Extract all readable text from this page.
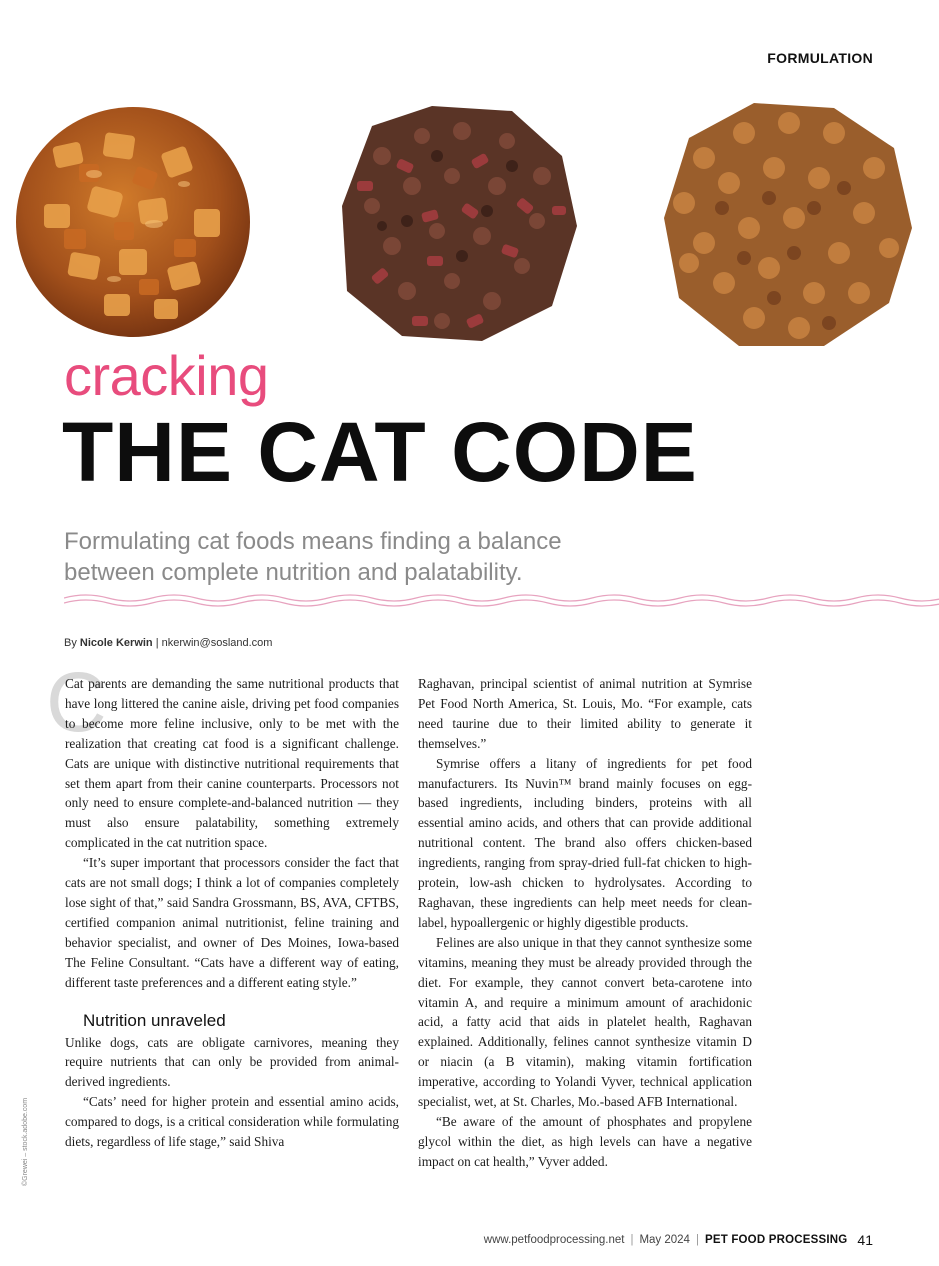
FORMULATION
cracking
THE CAT CODE
Formulating cat foods means finding a balance between complete nutrition and palatability.
By Nicole Kerwin | nkerwin@sosland.com
C

Cat parents are demanding the same nutritional products that have long littered the canine aisle, driving pet food companies to become more feline inclusive, only to be met with the realization that creating cat food is a significant challenge. Cats are unique with distinctive nutritional requirements that set them apart from their canine counterparts. Processors not only need to ensure complete-and-balanced nutrition — they must also ensure palatability, something extremely complicated in the cat nutrition space.

“It’s super important that processors consider the fact that cats are not small dogs; I think a lot of companies completely lose sight of that,” said Sandra Grossmann, BS, AVA, CFTBS, certified companion animal nutritionist, feline training and behavior specialist, and owner of Des Moines, Iowa-based The Feline Consultant. “Cats have a different way of eating, different taste preferences and a different eating style.”

Nutrition unraveled

Unlike dogs, cats are obligate carnivores, meaning they require nutrients that can only be provided from animal-derived ingredients.

“Cats’ need for higher protein and essential amino acids, compared to dogs, is a critical consideration while formulating diets, regardless of life stage,” said Shiva

Raghavan, principal scientist of animal nutrition at Symrise Pet Food North America, St. Louis, Mo. “For example, cats need taurine due to their limited ability to generate it themselves.”

Symrise offers a litany of ingredients for pet food manufacturers. Its Nuvin™ brand mainly focuses on egg-based ingredients, including binders, proteins with all essential amino acids, and others that can provide additional nutritional content. The brand also offers chicken-based ingredients, ranging from spray-dried full-fat chicken to high-protein, low-ash chicken to hydrolysates. According to Raghavan, these ingredients can help meet needs for clean-label, hypoallergenic or highly digestible products.

Felines are also unique in that they cannot synthesize some vitamins, meaning they must be already provided through the diet. For example, they cannot convert beta-carotene into vitamin A, and require a minimum amount of arachidonic acid, a fatty acid that aids in platelet health, Raghavan explained. Additionally, felines cannot synthesize vitamin D or niacin (a B vitamin), making vitamin fortification imperative, according to Yolandi Vyver, technical application specialist, wet, at St. Charles, Mo.-based AFB International.

“Be aware of the amount of phosphates and propylene glycol within the diet, as high levels can have a negative impact on cat health,” Vyver added.

©Grewei – stock.adobe.com
www.petfoodprocessing.net | May 2024 | PET FOOD PROCESSING 41
